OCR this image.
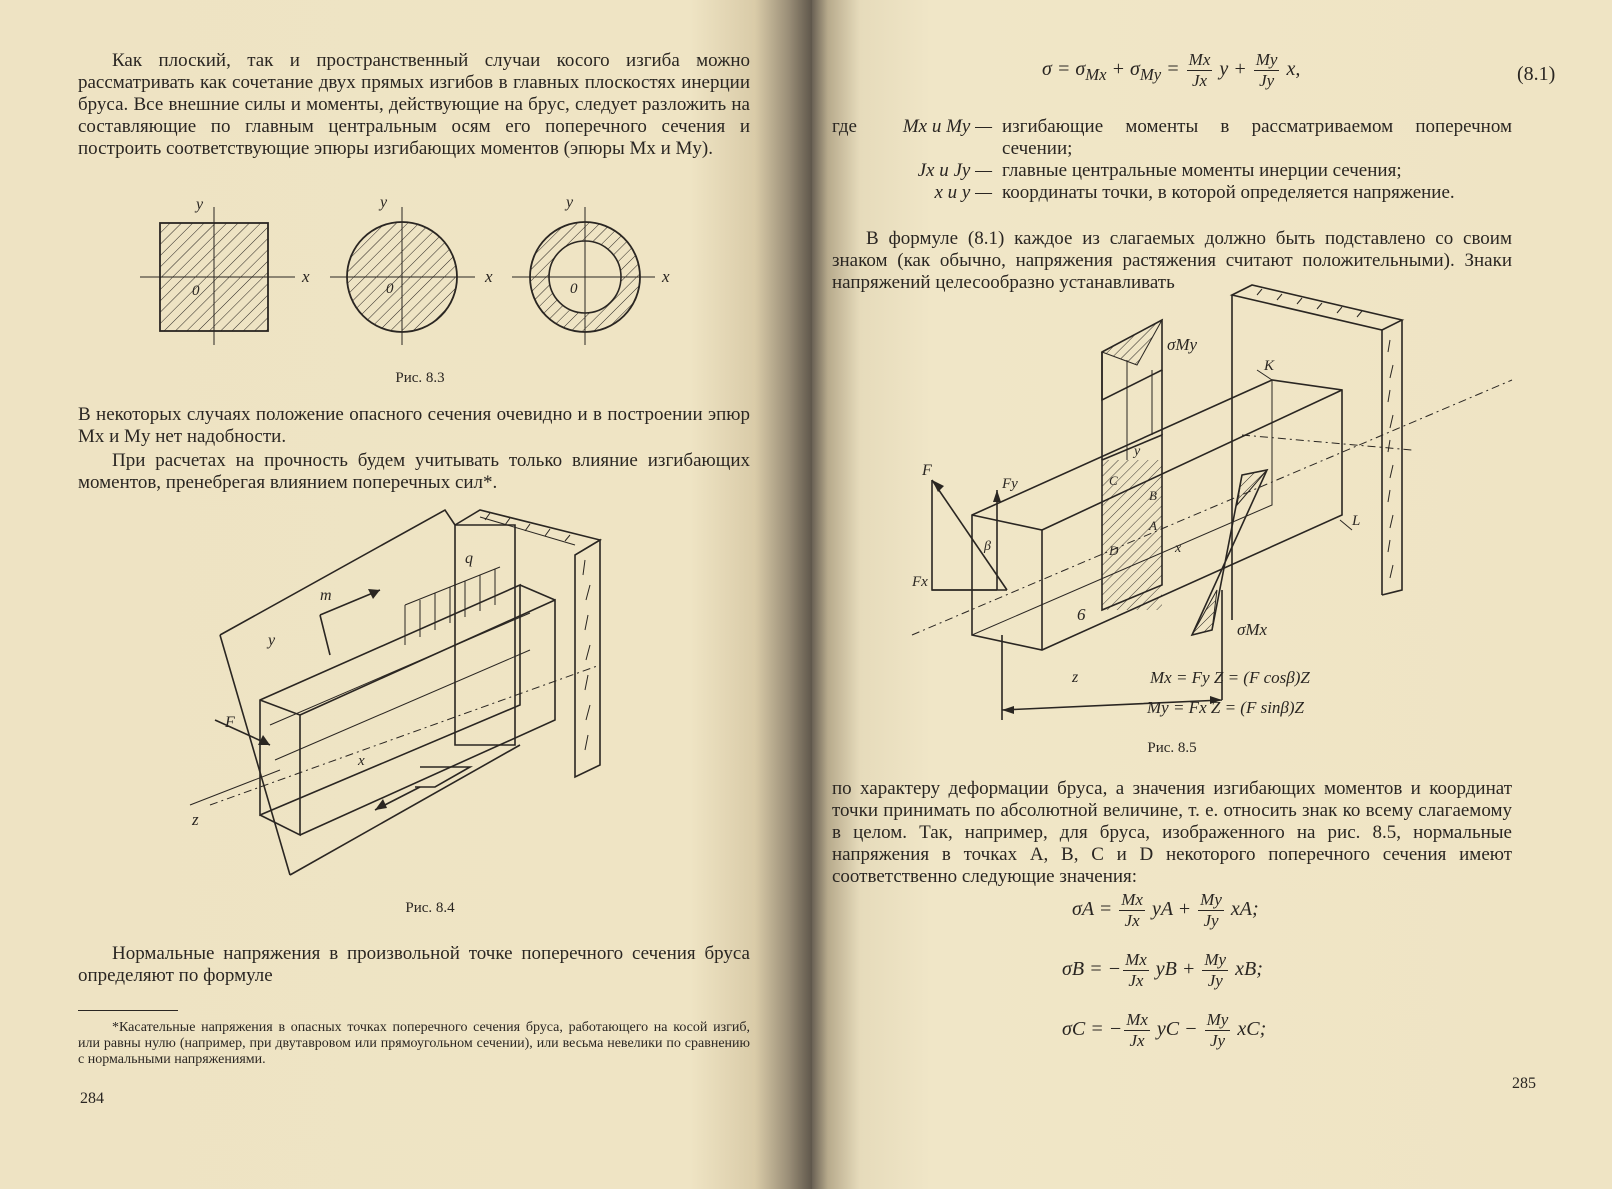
Как плоский, так и пространственный случаи косого изгиба можно рассматривать как сочетание двух прямых изгибов в главных плоскостях инерции бруса. Все внешние силы и моменты, действующие на брус, следует разложить на составляющие по главным центральным осям его поперечного сечения и построить соответствующие эпюры изгибающих моментов (эпюры Mx и My).
y
x
0
y
x
0
y
x
0
Рис. 8.3
В некоторых случаях положение опасного сечения очевидно и в построении эпюр Mx и My нет надобности.
При расчетах на прочность будем учитывать только влияние изгибающих моментов, пренебрегая влиянием поперечных сил*.
q
m
y
F
x
z
Рис. 8.4
Нормальные напряжения в произвольной точке поперечного сечения бруса определяют по формуле
*Касательные напряжения в опасных точках поперечного сечения бруса, работающего на косой изгиб, или равны нулю (например, при двутавровом или прямоугольном сечении), или весьма невелики по сравнению с нормальными напряжениями.
284
$\sigma = \sigma_{Mx} + \sigma_{My} = \frac{Mx}{Jx}$ $y + \frac{My}{Jy} x$,	(8.1)
где	Mx и My — изгибающие моменты в рассматриваемом поперечном сечении;
Jx и Jy — главные центральные моменты инерции сечения;
x и y — координаты точки, в которой определяется напряжение.
В формуле (8.1) каждое из слагаемых должно быть подставлено со своим знаком (как обычно, напряжения растяжения считают положительными). Знаки напряжений целесообразно устанавливать
σMy
σMx
K
L
F
Fy
Fx
β
y
x
C
B
A
D
6
z	Mx = Fy Z = (F cosβ)Z
My = Fx Z = (F sinβ)Z
Рис. 8.5
по характеру деформации бруса, а значения изгибающих моментов и координат точки принимать по абсолютной величине, т. е. относить знак ко всему слагаемому в целом. Так, например, для бруса, изображенного на рис. 8.5, нормальные напряжения в точках A, B, C и D некоторого поперечного сечения имеют соответственно следующие значения:
$\sigma A = \frac{Mx}{Jx}$ yA + $\frac{My}{Jy}$ xA;
σB = − $\frac{Mx}{Jx}$ yB + $\frac{My}{Jy}$ xB;
σC = − $\frac{Mx}{Jx}$ yC − $\frac{My}{Jy}$ xC;
285
